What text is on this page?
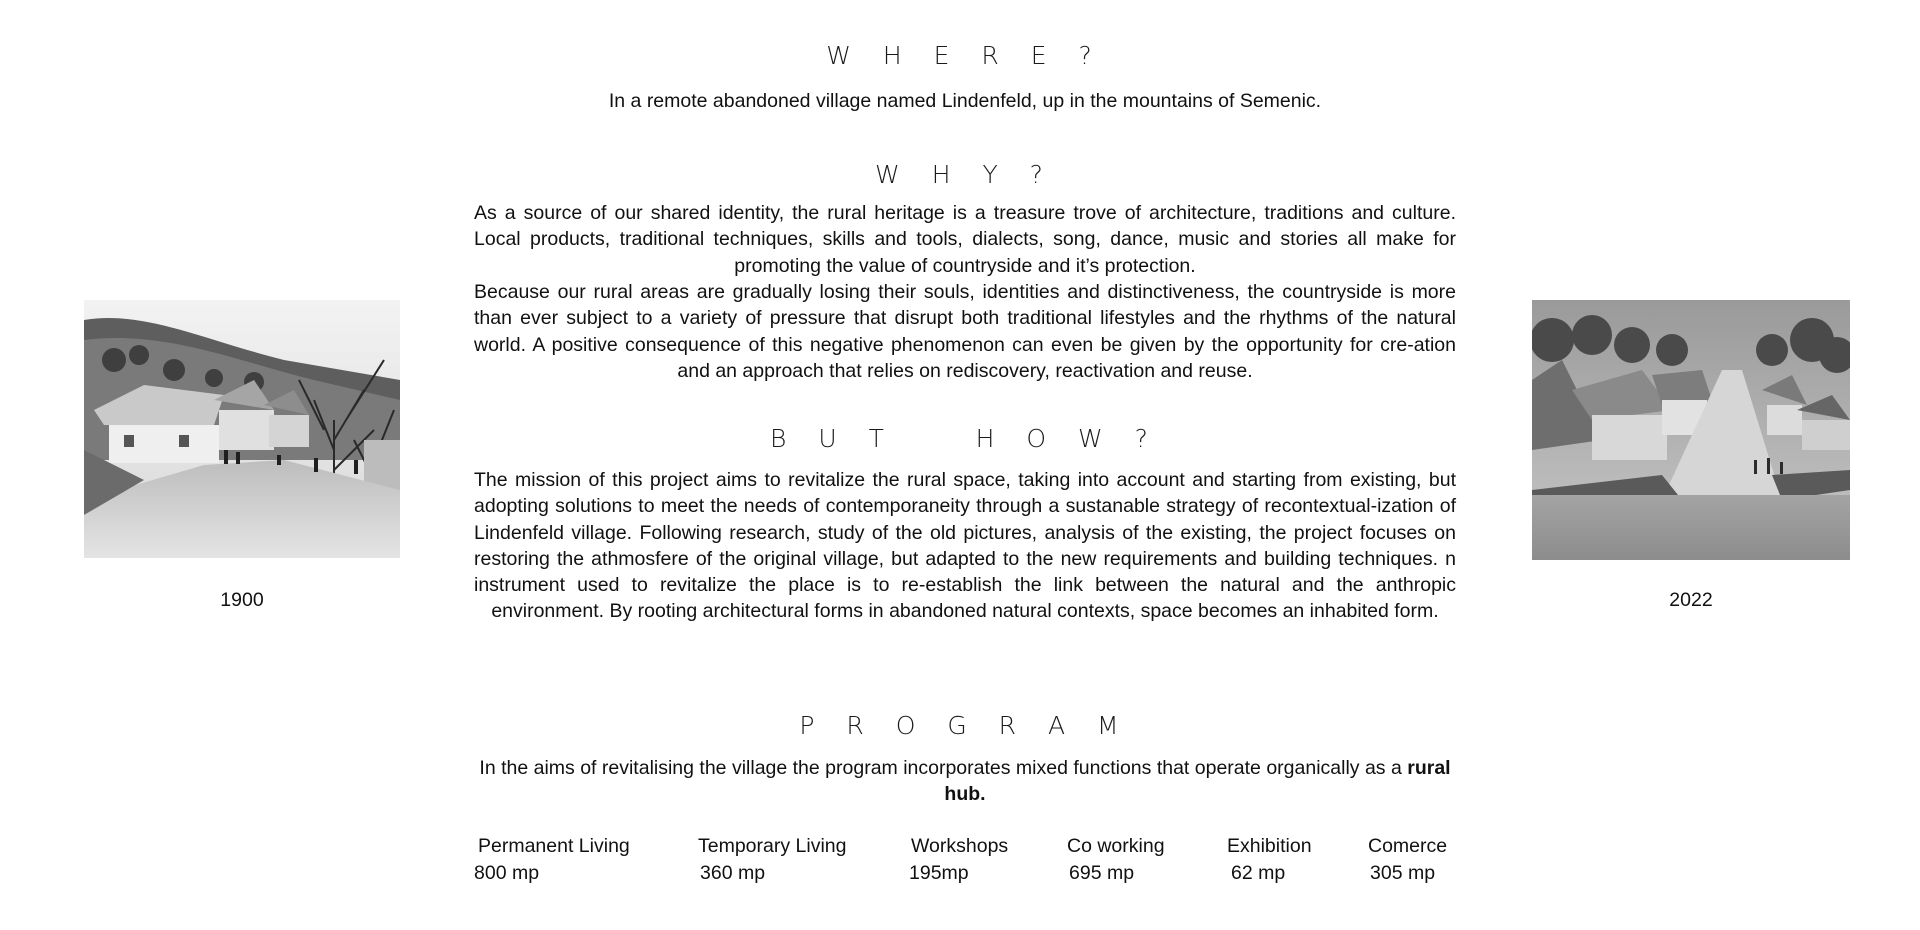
1900	2022
W H E R E ?
In a remote abandoned village named Lindenfeld, up in the mountains of Semenic.
W H Y ?
As a source of our shared identity, the rural heritage is a treasure trove of architecture, traditions and culture. Local products, traditional techniques, skills and tools, dialects, song, dance, music and stories all make for promoting the value of countryside and it’s protection.
Because our rural areas are gradually losing their souls, identities and distinctiveness, the countryside is more than ever subject to a variety of pressure that disrupt both traditional lifestyles and the rhythms of the natural world. A positive consequence of this negative phenomenon can even be given by the opportunity for cre-ation and an approach that relies on rediscovery, reactivation and reuse.
B U T    H O W ?
The mission of this project aims to revitalize the rural space, taking into account and starting from existing, but adopting solutions to meet the needs of contemporaneity through a sustanable strategy of recontextual-ization of Lindenfeld village. Following research, study of the old pictures, analysis of the existing, the project focuses on restoring the athmosfere of the original village, but adapted to the new requirements and building techniques. n instrument used to revitalize the place is to re-establish the link between the natural and the anthropic environment. By rooting architectural forms in abandoned natural contexts, space becomes an inhabited form.
P R O G R A M
In the aims of revitalising the village the program incorporates mixed functions that operate organically as a rural hub.
Permanent Living
800 mp
Temporary Living
360 mp
Workshops
195mp
Co working
695 mp
Exhibition
62 mp
Comerce
305 mp
